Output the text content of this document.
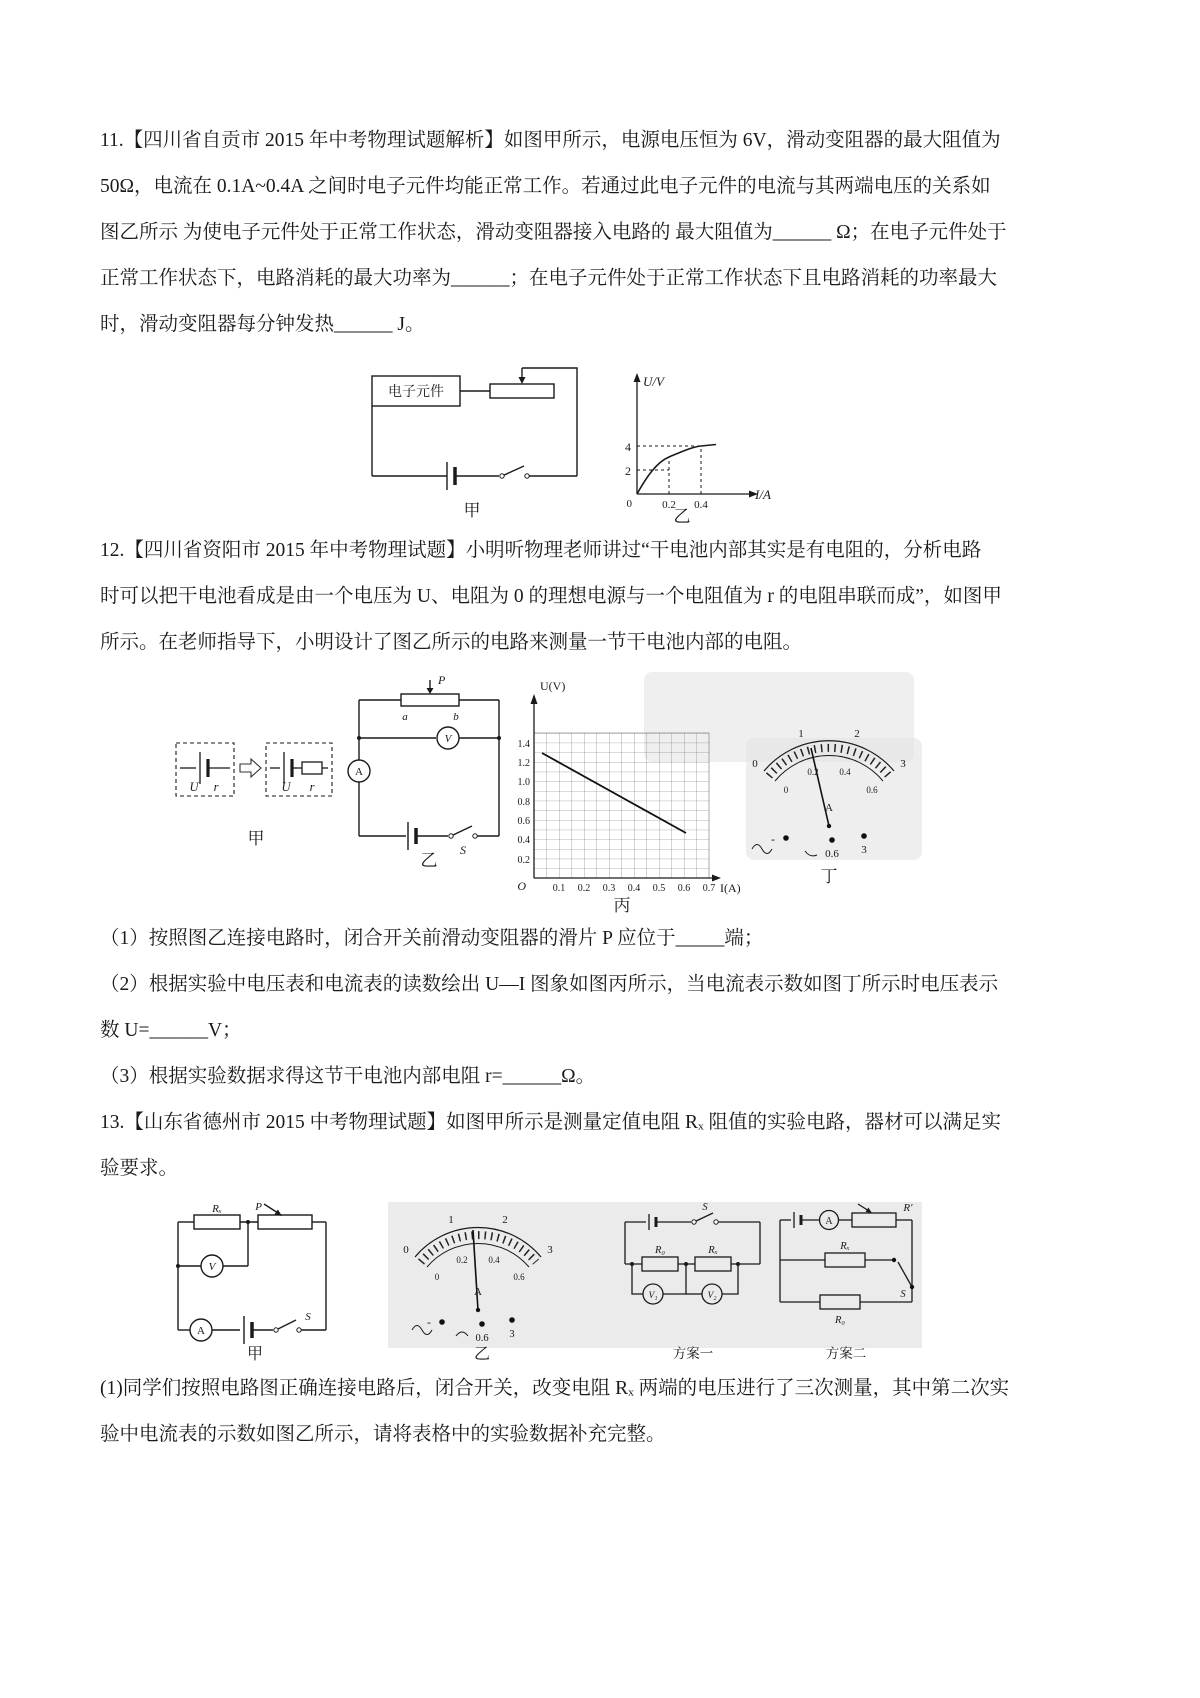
11.【四川省自贡市 2015 年中考物理试题解析】如图甲所示，电源电压恒为 6V，滑动变阻器的最大阻值为
50Ω，电流在 0.1A~0.4A 之间时电子元件均能正常工作。若通过此电子元件的电流与其两端电压的关系如
图乙所示 为使电子元件处于正常工作状态，滑动变阻器接入电路的 最大阻值为______ Ω；在电子元件处于
正常工作状态下，电路消耗的最大功率为______；在电子元件处于正常工作状态下且电路消耗的功率最大
时，滑动变阻器每分钟发热______ J。
电子元件
甲
U/V
I/A
4
2
0	0.2 0.4
乙
12.【四川省资阳市 2015 年中考物理试题】小明听物理老师讲过“干电池内部其实是有电阻的，分析电路
时可以把干电池看成是由一个电压为 U、电阻为 0 的理想电源与一个电阻值为 r 的电阻串联而成”，如图甲
所示。在老师指导下，小明设计了图乙所示的电路来测量一节干电池内部的电阻。
U r	U r
甲
P
a	b
A
V
S
乙
U(V)
I(A)
O
1.4
1.2
1.0
0.8
0.6
0.4
0.2
0.1 0.2 0.3 0.4 0.5 0.6 0.7
丙
0
1	2
3
0
0.2 0.4
0.6
A
-
0.6 3
丁
（1）按照图乙连接电路时，闭合开关前滑动变阻器的滑片 P 应位于_____端；
（2）根据实验中电压表和电流表的读数绘出 U—I 图象如图丙所示，当电流表示数如图丁所示时电压表示
数 U=______V；
（3）根据实验数据求得这节干电池内部电阻 r=______Ω。
13.【山东省德州市 2015 中考物理试题】如图甲所示是测量定值电阻 Rₓ 阻值的实验电路，器材可以满足实
验要求。
Rₓ	P
V
A
S
甲
0
1	2
3
0
0.2 0.4
0.6
A
-
0.6 3
乙
S
R₀	Rₓ
V₁	V₂
方案一
A
R′
Rₓ
R₀
S
方案二
(1)同学们按照电路图正确连接电路后，闭合开关，改变电阻 Rₓ 两端的电压进行了三次测量，其中第二次实
验中电流表的示数如图乙所示，请将表格中的实验数据补充完整。
